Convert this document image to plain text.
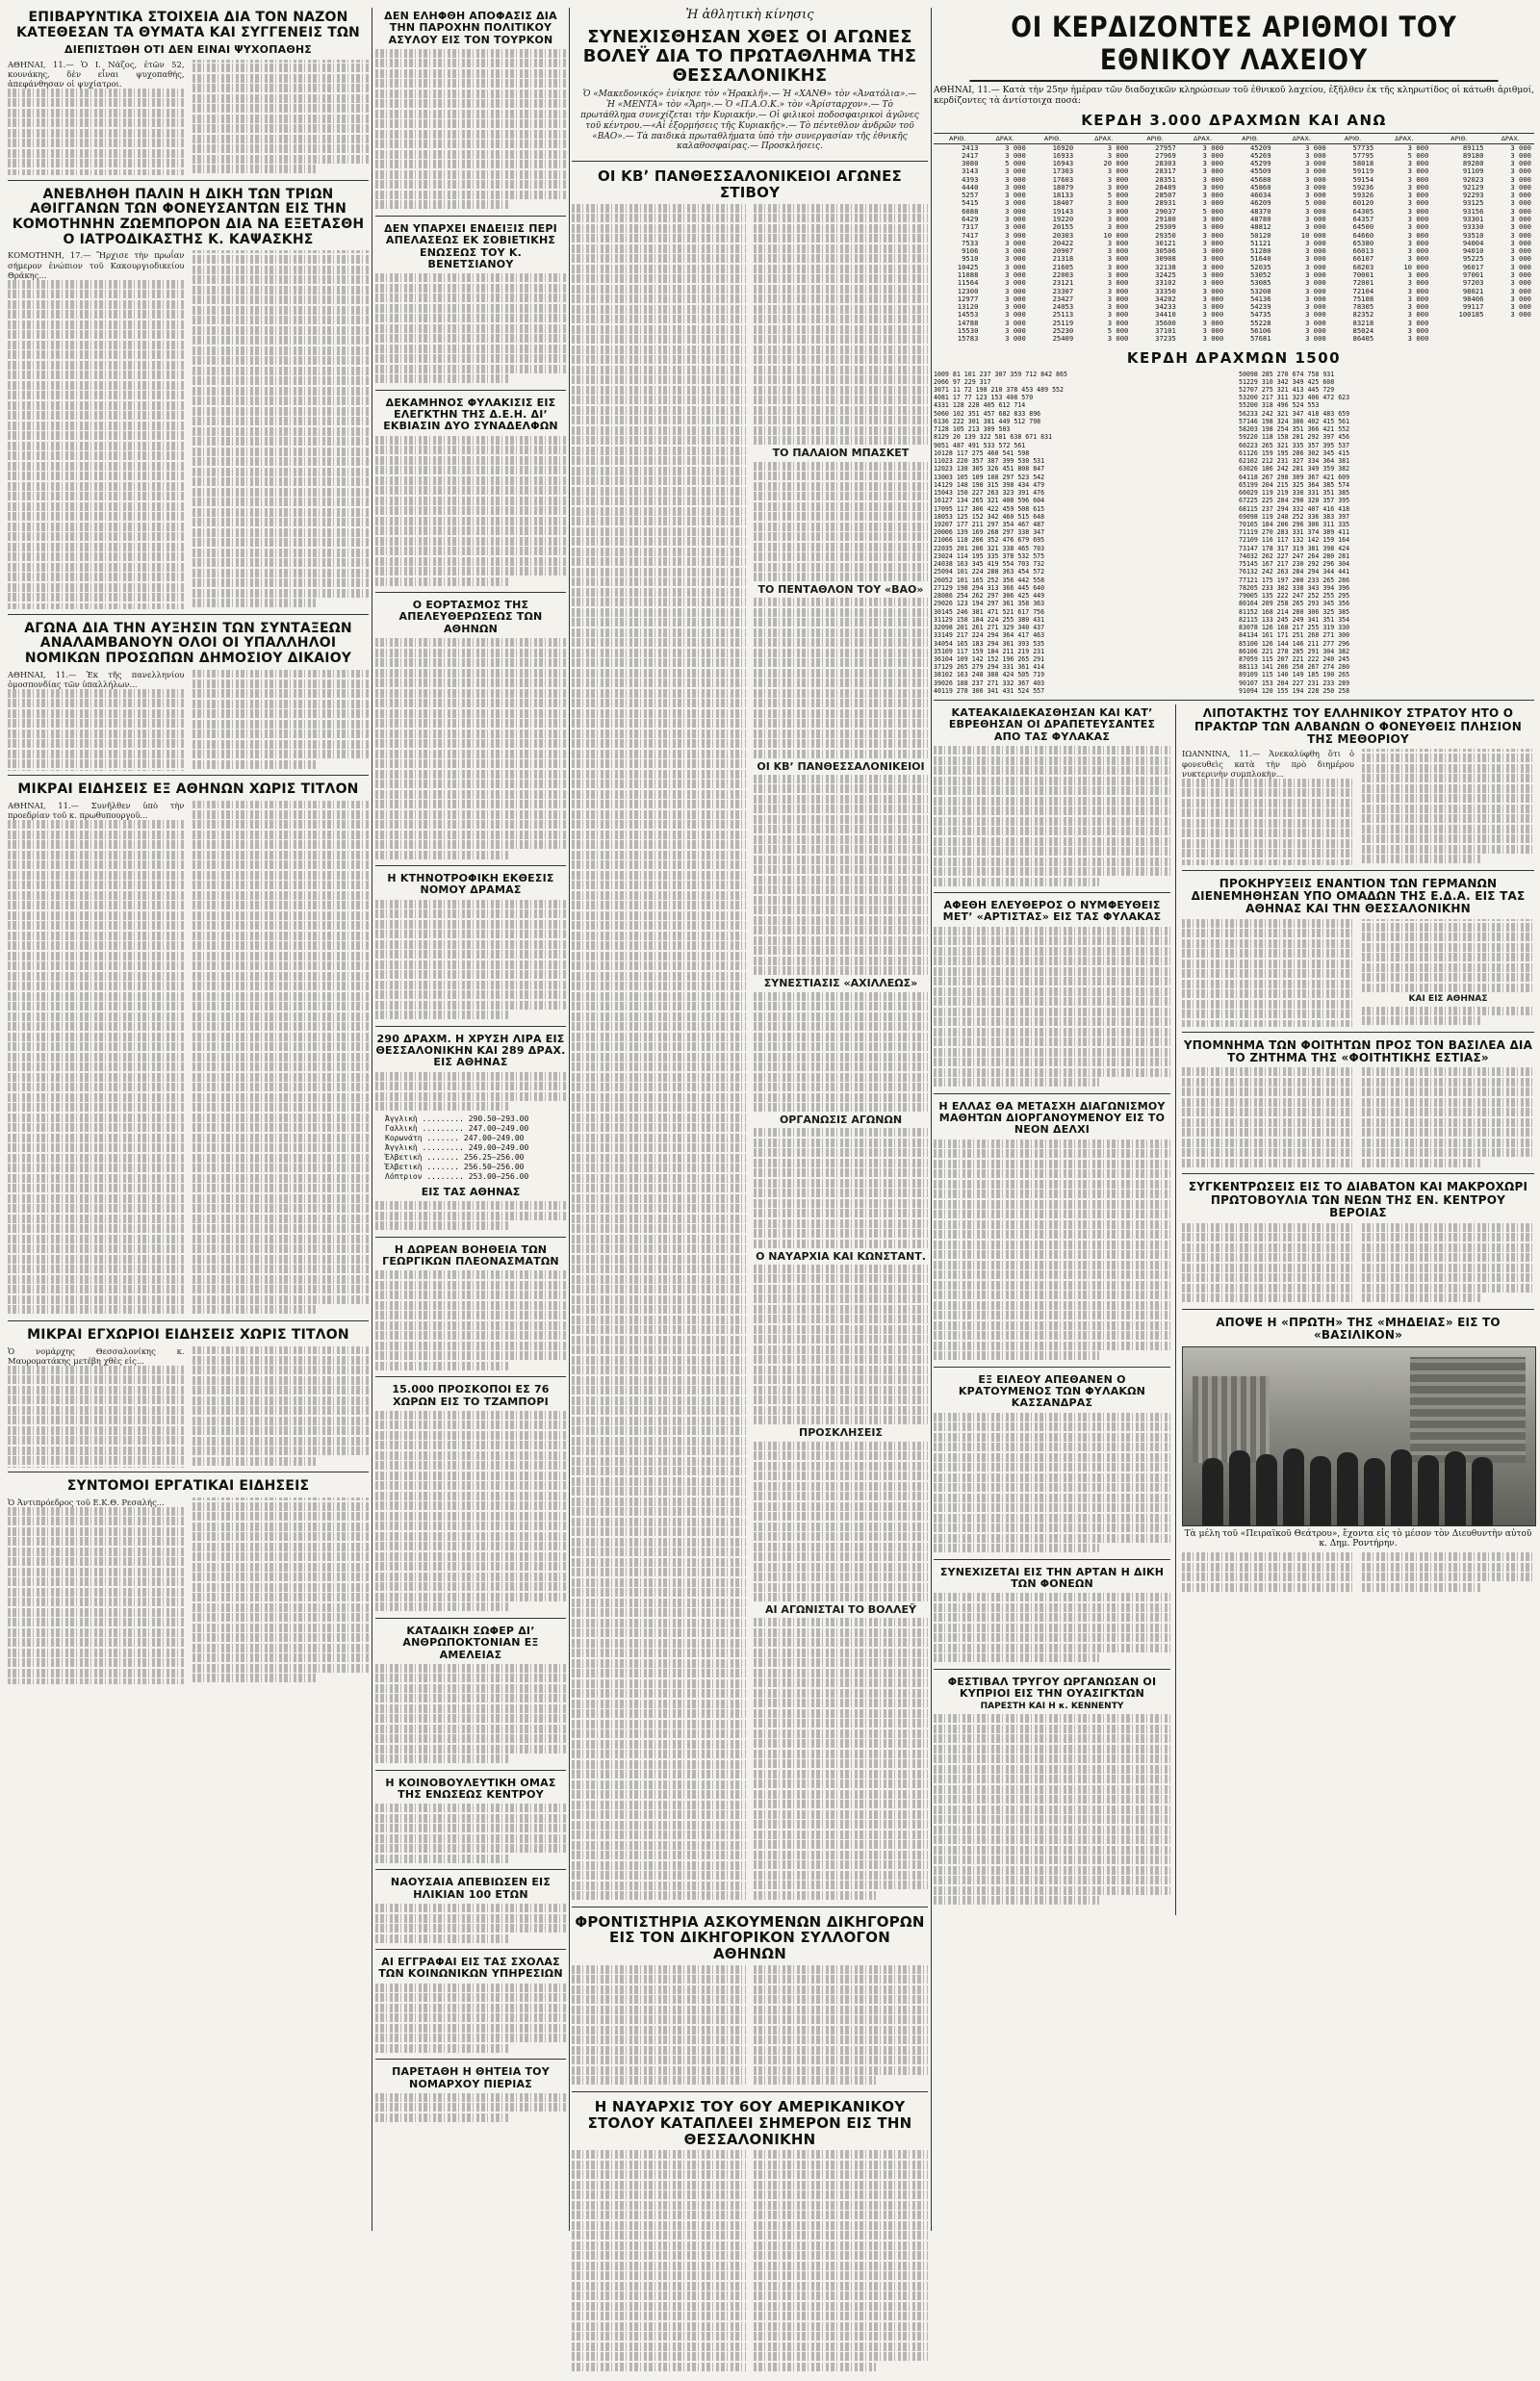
ΕΠΙΒΑΡΥΝΤΙΚΑ ΣΤΟΙΧΕΙΑ ΔΙΑ ΤΟΝ ΝΑΖΟΝ ΚΑΤΕΘΕΣΑΝ ΤΑ ΘΥΜΑΤΑ ΚΑΙ ΣΥΓΓΕΝΕΙΣ ΤΩΝ
ΔΙΕΠΙΣΤΩΘΗ ΟΤΙ ΔΕΝ ΕΙΝΑΙ ΨΥΧΟΠΑΘΗΣ
ΑΘΗΝΑΙ, 11.— Ὁ Ι. Νάζος, ἐτῶν 52, κουνάκης, δὲν εἶναι ψυχοπαθής, ἀπεφάνθησαν οἱ ψυχίατροι.
ΑΝΕΒΛΗΘΗ ΠΑΛΙΝ Η ΔΙΚΗ ΤΩΝ ΤΡΙΩΝ ΑΘΙΓΓΑΝΩΝ ΤΩΝ ΦΟΝΕΥΣΑΝΤΩΝ ΕΙΣ ΤΗΝ ΚΟΜΟΤΗΝΗΝ ΖΩΕΜΠΟΡΟΝ ΔΙΑ ΝΑ ΕΞΕΤΑΣΘΗ Ο ΙΑΤΡΟΔΙΚΑΣΤΗΣ Κ. ΚΑΨΑΣΚΗΣ
ΚΟΜΟΤΗΝΗ, 17.— Ἤρχισε τὴν πρωΐαν σήμερον ἐνώπιον τοῦ Κακουργιοδικείου Θράκης...
ΑΓΩΝΑ ΔΙΑ ΤΗΝ ΑΥΞΗΣΙΝ ΤΩΝ ΣΥΝΤΑΞΕΩΝ ΑΝΑΛΑΜΒΑΝΟΥΝ ΟΛΟΙ ΟΙ ΥΠΑΛΛΗΛΟΙ ΝΟΜΙΚΩΝ ΠΡΟΣΩΠΩΝ ΔΗΜΟΣΙΟΥ ΔΙΚΑΙΟΥ
ΑΘΗΝΑΙ, 11.— Ἐκ τῆς πανελληνίου ὁμοσπονδίας τῶν ὑπαλλήλων...
ΜΙΚΡΑΙ ΕΙΔΗΣΕΙΣ ΕΞ ΑΘΗΝΩΝ ΧΩΡΙΣ ΤΙΤΛΟΝ
ΑΘΗΝΑΙ, 11.— Συνῆλθεν ὑπὸ τὴν προεδρίαν τοῦ κ. πρωθυπουργοῦ...
ΜΙΚΡΑΙ ΕΓΧΩΡΙΟΙ ΕΙΔΗΣΕΙΣ ΧΩΡΙΣ ΤΙΤΛΟΝ
Ὁ νομάρχης Θεσσαλονίκης κ. Μαυροματάκης μετέβη χθὲς εἰς...
ΣΥΝΤΟΜΟΙ ΕΡΓΑΤΙΚΑΙ ΕΙΔΗΣΕΙΣ
Ὁ Ἀντιπρόεδρος τοῦ Ε.Κ.Θ. Ρεσαλής...
ΔΕΝ ΕΛΗΦΘΗ ΑΠΟΦΑΣΙΣ ΔΙΑ ΤΗΝ ΠΑΡΟΧΗΝ ΠΟΛΙΤΙΚΟΥ ΑΣΥΛΟΥ ΕΙΣ ΤΟΝ ΤΟΥΡΚΟΝ
ΔΕΝ ΥΠΑΡΧΕΙ ΕΝΔΕΙΞΙΣ ΠΕΡΙ ΑΠΕΛΑΣΕΩΣ ΕΚ ΣΟΒΙΕΤΙΚΗΣ ΕΝΩΣΕΩΣ ΤΟΥ Κ. ΒΕΝΕΤΣΙΑΝΟΥ
ΔΕΚΑΜΗΝΟΣ ΦΥΛΑΚΙΣΙΣ ΕΙΣ ΕΛΕΓΚΤΗΝ ΤΗΣ Δ.Ε.Η. ΔΙʼ ΕΚΒΙΑΣΙΝ ΔΥΟ ΣΥΝΑΔΕΛΦΩΝ
Ο ΕΟΡΤΑΣΜΟΣ ΤΗΣ ΑΠΕΛΕΥΘΕΡΩΣΕΩΣ ΤΩΝ ΑΘΗΝΩΝ
Η ΚΤΗΝΟΤΡΟΦΙΚΗ ΕΚΘΕΣΙΣ ΝΟΜΟΥ ΔΡΑΜΑΣ
290 ΔΡΑΧΜ. Η ΧΡΥΣΗ ΛΙΡΑ ΕΙΣ ΘΕΣΣΑΛΟΝΙΚΗΝ ΚΑΙ 289 ΔΡΑΧ. ΕΙΣ ΑΘΗΝΑΣ
Ἀγγλικὴ ......... 290.50—293.00
Γαλλικὴ ......... 247.00—249.00
Κορωνάτη ....... 247.00—249.00
Ἀγγλικὴ ......... 249.00—249.00
Ἑλβετικὴ ....... 256.25—256.00
Ἑλβετικὴ ....... 256.50—256.00
Λόπτριον ........ 253.00—256.00
ΕΙΣ ΤΑΣ ΑΘΗΝΑΣ
Η ΔΩΡΕΑΝ ΒΟΗΘΕΙΑ ΤΩΝ ΓΕΩΡΓΙΚΩΝ ΠΛΕΟΝΑΣΜΑΤΩΝ
15.000 ΠΡΟΣΚΟΠΟΙ ΕΣ 76 ΧΩΡΩΝ ΕΙΣ ΤΟ ΤΖΑΜΠΟΡΙ
ΚΑΤΑΔΙΚΗ ΣΩΦΕΡ ΔΙʼ ΑΝΘΡΩΠΟΚΤΟΝΙΑΝ ΕΞ ΑΜΕΛΕΙΑΣ
Η ΚΟΙΝΟΒΟΥΛΕΥΤΙΚΗ ΟΜΑΣ ΤΗΣ ΕΝΩΣΕΩΣ ΚΕΝΤΡΟΥ
ΝΑΟΥΣΑΙΑ ΑΠΕΒΙΩΣΕΝ ΕΙΣ ΗΛΙΚΙΑΝ 100 ΕΤΩΝ
ΑΙ ΕΓΓΡΑΦΑΙ ΕΙΣ ΤΑΣ ΣΧΟΛΑΣ ΤΩΝ ΚΟΙΝΩΝΙΚΩΝ ΥΠΗΡΕΣΙΩΝ
ΠΑΡΕΤΑΘΗ Η ΘΗΤΕΙΑ ΤΟΥ ΝΟΜΑΡΧΟΥ ΠΙΕΡΙΑΣ
Ἡ ἀθλητικὴ κίνησις
ΣΥΝΕΧΙΣΘΗΣΑΝ ΧΘΕΣ ΟΙ ΑΓΩΝΕΣ ΒΟΛΕΫ ΔΙΑ ΤΟ ΠΡΩΤΑΘΛΗΜΑ ΤΗΣ ΘΕΣΣΑΛΟΝΙΚΗΣ
Ὁ «Μακεδονικός» ἐνίκησε τὸν «Ἡρακλῆ».— Ἡ «ΧΑΝΘ» τὸν «Ἀνατόλια».— Ἡ «ΜΕΝΤΑ» τὸν «Ἄρη».— Ὁ «Π.Α.Ο.Κ.» τὸν «Ἀρίσταρχον».— Τὸ πρωτάθλημα συνεχίζεται τὴν Κυριακήν.— Οἱ φιλικοὶ ποδοσφαιρικοὶ ἀγῶνες τοῦ κέντρου.—«Αἱ ἐξορμήσεις τῆς Κυριακῆς».— Τὸ πέντεθλον ἀνδρῶν τοῦ «ΒΑΟ».— Τὰ παιδικὰ πρωταθλήματα ὑπὸ τὴν συνεργασίαν τῆς ἐθνικῆς καλαθοσφαίρας.— Προσκλήσεις.
ΟΙ ΚΒʼ ΠΑΝΘΕΣΣΑΛΟΝΙΚΕΙΟΙ ΑΓΩΝΕΣ ΣΤΙΒΟΥ
ΤΟ ΠΑΛΑΙΟΝ ΜΠΑΣΚΕΤ
ΤΟ ΠΕΝΤΑΘΛΟΝ ΤΟΥ «ΒΑΟ»
ΟΙ ΚΒʼ ΠΑΝΘΕΣΣΑΛΟΝΙΚΕΙΟΙ
ΣΥΝΕΣΤΙΑΣΙΣ «ΑΧΙΛΛΕΩΣ»
ΟΡΓΑΝΩΣΙΣ ΑΓΩΝΩΝ
Ο ΝΑΥΑΡΧΙΑ ΚΑΙ ΚΩΝΣΤΑΝΤ.
ΠΡΟΣΚΛΗΣΕΙΣ
ΑΙ ΑΓΩΝΙΣΤΑΙ ΤΟ ΒΟΛΛΕΫ
ΦΡΟΝΤΙΣΤΗΡΙΑ ΑΣΚΟΥΜΕΝΩΝ ΔΙΚΗΓΟΡΩΝ ΕΙΣ ΤΟΝ ΔΙΚΗΓΟΡΙΚΟΝ ΣΥΛΛΟΓΟΝ ΑΘΗΝΩΝ
Η ΝΑΥΑΡΧΙΣ ΤΟΥ 6ΟΥ ΑΜΕΡΙΚΑΝΙΚΟΥ ΣΤΟΛΟΥ ΚΑΤΑΠΛΕΕΙ ΣΗΜΕΡΟΝ ΕΙΣ ΤΗΝ ΘΕΣΣΑΛΟΝΙΚΗΝ
ΟΙ ΚΕΡΔΙΖΟΝΤΕΣ ΑΡΙΘΜΟΙ ΤΟΥ ΕΘΝΙΚΟΥ ΛΑΧΕΙΟΥ
ΑΘΗΝΑΙ, 11.— Κατὰ τὴν 25ην ἡμέραν τῶν διαδοχικῶν κληρώσεων τοῦ ἐθνικοῦ λαχείου, ἐξῆλθεν ἐκ τῆς κληρωτίδος οἱ κάτωθι ἀριθμοί, κερδίζοντες τὰ ἀντίστοιχα ποσά:
ΚΕΡΔΗ 3.000 ΔΡΑΧΜΩΝ ΚΑΙ ΑΝΩ
ΑΡΙΘ.	ΔΡΑΧ.	ΑΡΙΘ.	ΔΡΑΧ.	ΑΡΙΘ.	ΔΡΑΧ.	ΑΡΙΘ.	ΔΡΑΧ.	ΑΡΙΘ.	ΔΡΑΧ.	ΑΡΙΘ.	ΔΡΑΧ.
2413	3 000	16920	3 000	27957	3 000	45209	3 000	57735	3 000	89115	3 000
2417	3 000	16933	3 000	27969	3 000	45269	3 000	57795	5 000	89180	3 000
3080	5 000	16943	20 000	28303	3 000	45299	3 000	58018	3 000	89280	3 000
3143	3 000	17303	3 000	28317	3 000	45509	3 000	59119	3 000	91109	3 000
4393	3 000	17603	3 000	28351	3 000	45680	3 000	59154	3 000	92023	3 000
4440	3 000	18079	3 000	28489	3 000	45860	3 000	59236	3 000	92129	3 000
5257	3 000	18133	5 000	28507	3 000	46034	3 000	59326	3 000	92293	3 000
5415	3 000	18407	3 000	28931	3 000	46209	5 000	60120	3 000	93125	3 000
6088	3 000	19143	3 000	29037	5 000	48370	3 000	64305	3 000	93156	3 000
6429	3 000	19220	3 000	29180	3 000	48780	3 000	64357	3 000	93301	3 000
7317	3 000	20155	3 000	29309	3 000	48812	3 000	64500	3 000	93330	3 000
7417	3 000	20303	10 000	29350	3 000	50120	10 000	64660	3 000	93510	3 000
7533	3 000	20422	3 000	30121	3 000	51121	3 000	65380	3 000	94004	3 000
9106	3 000	20907	3 000	30506	3 000	51280	3 000	66013	3 000	94010	3 000
9510	3 000	21318	3 000	30908	3 000	51640	3 000	66107	3 000	95225	3 000
10425	3 000	21605	3 000	32138	3 000	52035	3 000	68203	10 000	96017	3 000
11088	3 000	22003	3 000	32425	3 000	53052	3 000	70001	3 000	97001	3 000
11564	3 000	23121	3 000	33102	3 000	53085	3 000	72001	3 000	97203	3 000
12300	3 000	23307	3 000	33350	3 000	53208	3 000	72104	3 000	98021	3 000
12977	3 000	23427	3 000	34202	3 000	54136	3 000	75108	3 000	98406	3 000
13120	3 000	24053	3 000	34233	3 000	54239	3 000	78305	3 000	99117	3 000
14553	3 000	25113	3 000	34410	3 000	54735	3 000	82352	3 000	100185	3 000
14788	3 000	25119	3 000	35600	3 000	55228	3 000	83218	3 000		
15530	3 000	25230	5 000	37101	3 000	56106	3 000	85024	3 000		
15783	3 000	25409	3 000	37235	3 000	57681	3 000	86405	3 000		
ΚΕΡΔΗ ΔΡΑΧΜΩΝ 1500
1009 81 101 237 307 359 712 842 865
2066 97 229 317
3071 11 72 198 210 378 453 489 552
4081 17 77 123 153 408 570
4331 128 228 405 612 714
5060 102 351 457 682 833 896
6136 222 301 381 449 512 798
7128 105 213 309 503
8129 20 139 322 581 638 671 831
9051 487 491 533 572 561
10128 117 275 460 541 598
11023 220 357 387 399 530 531
12023 138 305 326 451 808 847
13003 105 109 108 297 523 542
14129 148 190 315 398 434 479
15043 150 227 263 323 391 476
16127 134 265 321 408 596 604
17095 117 306 422 459 508 615
18053 125 152 342 460 515 648
19207 177 211 297 354 467 487
20006 139 169 268 297 338 347
21066 118 206 352 476 679 695
22035 201 206 321 338 465 703
23024 114 195 335 378 532 575
24038 163 345 419 554 703 732
25094 101 224 288 363 454 572
26052 101 165 252 356 442 558
27129 198 294 313 366 445 640
28086 254 262 297 306 425 449
29026 123 194 297 361 358 363
30145 246 381 471 521 617 756
31129 158 184 224 255 380 431
32098 201 261 271 329 340 437
33149 217 224 294 364 417 463
34054 165 183 294 361 393 535
35109 117 159 184 211 219 231
36104 109 142 152 196 265 291
37129 265 279 294 331 361 414
38102 163 248 388 424 505 719
39026 188 237 271 332 367 403
40119 278 306 341 431 524 557
50098 285 270 674 758 931
51229 310 342 349 425 608
52707 275 321 413 445 729
53200 217 311 323 406 472 623
55200 318 496 524 553
56233 242 321 347 418 483 659
57146 198 324 386 402 415 561
58203 198 254 351 366 421 552
59220 118 158 201 292 397 456
60223 265 321 335 357 395 537
61126 159 195 286 302 345 415
62102 212 231 327 334 364 381
63026 186 242 281 349 359 382
64118 267 298 309 367 421 609
65199 204 215 325 364 385 574
66029 119 219 330 331 351 385
67225 225 284 290 320 357 395
68115 237 294 332 407 416 418
69098 119 248 252 336 383 397
70165 184 206 296 306 311 335
71119 270 283 331 374 389 411
72109 116 117 132 142 159 164
73147 178 317 319 381 398 424
74032 202 227 247 264 280 281
75145 167 217 230 292 296 304
76132 242 263 284 294 344 441
77121 175 197 200 233 265 286
78205 233 302 338 343 394 396
79005 135 222 247 252 255 295
80164 209 258 265 293 345 356
81152 168 214 280 306 325 385
82115 133 245 249 341 351 354
83078 126 168 217 255 319 330
84134 161 171 251 268 271 300
85100 126 144 146 211 277 296
86106 221 278 285 291 304 382
87059 115 207 221 222 240 245
88113 141 206 258 267 274 280
89109 115 140 149 185 190 265
90107 153 204 227 231 233 289
91094 120 155 194 228 250 258
ΚΑΤΕΑΚΑΙΔΕΚΑΣΘΗΣΑΝ ΚΑΙ ΚΑΤʼ ΕΒΡΕΘΗΣΑΝ ΟΙ ΔΡΑΠΕΤΕΥΣΑΝΤΕΣ ΑΠΟ ΤΑΣ ΦΥΛΑΚΑΣ
ΑΦΕΘΗ ΕΛΕΥΘΕΡΟΣ Ο ΝΥΜΦΕΥΘΕΙΣ ΜΕΤʼ «ΑΡΤΙΣΤΑΣ» ΕΙΣ ΤΑΣ ΦΥΛΑΚΑΣ
Η ΕΛΛΑΣ ΘΑ ΜΕΤΑΣΧΗ ΔΙΑΓΩΝΙΣΜΟΥ ΜΑΘΗΤΩΝ ΔΙΟΡΓΑΝΟΥΜΕΝΟΥ ΕΙΣ ΤΟ ΝΕΟΝ ΔΕΛΧΙ
ΕΞ ΕΙΛΕΟΥ ΑΠΕΘΑΝΕΝ Ο ΚΡΑΤΟΥΜΕΝΟΣ ΤΩΝ ΦΥΛΑΚΩΝ ΚΑΣΣΑΝΔΡΑΣ
ΣΥΝΕΧΙΖΕΤΑΙ ΕΙΣ ΤΗΝ ΑΡΤΑΝ Η ΔΙΚΗ ΤΩΝ ΦΟΝΕΩΝ
ΦΕΣΤΙΒΑΛ ΤΡΥΓΟΥ ΩΡΓΑΝΩΣΑΝ ΟΙ ΚΥΠΡΙΟΙ ΕΙΣ ΤΗΝ ΟΥΑΣΙΓΚΤΩΝ
ΠΑΡΕΣΤΗ ΚΑΙ Η κ. ΚΕΝΝΕΝΤΥ
ΛΙΠΟΤΑΚΤΗΣ ΤΟΥ ΕΛΛΗΝΙΚΟΥ ΣΤΡΑΤΟΥ ΗΤΟ Ο ΠΡΑΚΤΩΡ ΤΩΝ ΑΛΒΑΝΩΝ Ο ΦΟΝΕΥΘΕΙΣ ΠΛΗΣΙΟΝ ΤΗΣ ΜΕΘΟΡΙΟΥ
ΙΩΑΝΝΙΝΑ, 11.— Ἀνεκαλύφθη ὅτι ὁ φονευθεὶς κατὰ τὴν πρὸ διημέρου νυκτερινὴν συμπλοκὴν...
ΠΡΟΚΗΡΥΞΕΙΣ ΕΝΑΝΤΙΟΝ ΤΩΝ ΓΕΡΜΑΝΩΝ ΔΙΕΝΕΜΗΘΗΣΑΝ ΥΠΟ ΟΜΑΔΩΝ ΤΗΣ Ε.Δ.Α. ΕΙΣ ΤΑΣ ΑΘΗΝΑΣ ΚΑΙ ΤΗΝ ΘΕΣΣΑΛΟΝΙΚΗΝ
ΚΑΙ ΕΙΣ ΑΘΗΝΑΣ
ΥΠΟΜΝΗΜΑ ΤΩΝ ΦΟΙΤΗΤΩΝ ΠΡΟΣ ΤΟΝ ΒΑΣΙΛΕΑ ΔΙΑ ΤΟ ΖΗΤΗΜΑ ΤΗΣ «ΦΟΙΤΗΤΙΚΗΣ ΕΣΤΙΑΣ»
ΣΥΓΚΕΝΤΡΩΣΕΙΣ ΕΙΣ ΤΟ ΔΙΑΒΑΤΟΝ ΚΑΙ ΜΑΚΡΟΧΩΡΙ ΠΡΩΤΟΒΟΥΛΙΑ ΤΩΝ ΝΕΩΝ ΤΗΣ ΕΝ. ΚΕΝΤΡΟΥ ΒΕΡΟΙΑΣ
ΑΠΟΨΕ Η «ΠΡΩΤΗ» ΤΗΣ «ΜΗΔΕΙΑΣ» ΕΙΣ ΤΟ «ΒΑΣΙΛΙΚΟΝ»
Τὰ μέλη τοῦ «Πειραϊκοῦ Θεάτρου», ἔχοντα εἰς τὸ μέσον τὸν Διευθυντὴν αὐτοῦ κ. Δημ. Ροντήρην.
